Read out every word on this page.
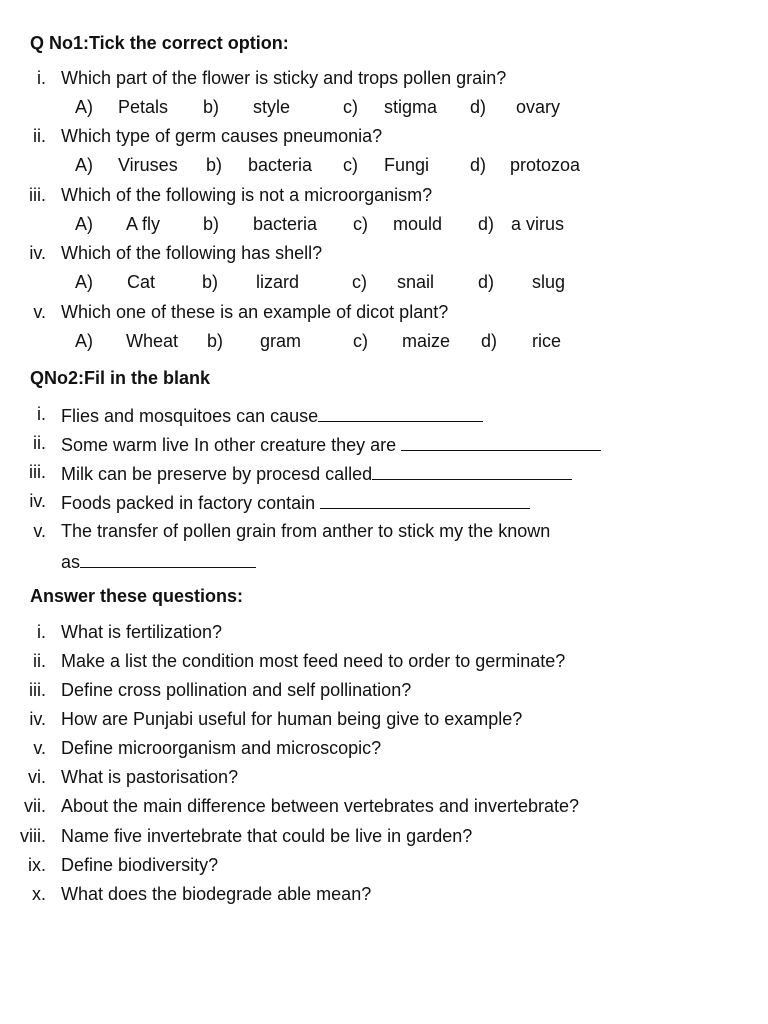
Q No1:Tick the correct option:
i. Which part of the flower is sticky and trops pollen grain?
A) Petals b) style	c) stigma d) ovary
ii. Which type of germ causes pneumonia?
A) Viruses b) bacteria c) Fungi d) protozoa
iii. Which of the following is not a microorganism?
A) A fly b) bacteria c) mould d) a virus
iv. Which of the following has shell?
A) Cat	b) lizard	c) snail d) slug
v. Which one of these is an example of dicot plant?
A) Wheat b) gram	c) maize d) rice
QNo2:Fil in the blank
i. Flies and mosquitoes can cause
ii. Some warm live In other creature they are
iii. Milk can be preserve by procesd called
iv. Foods packed in factory contain
v. The transfer of pollen grain from anther to stick my the known
as
Answer these questions:
i. What is fertilization?
ii. Make a list the condition most feed need to order to germinate?
iii. Define cross pollination and self pollination?
iv. How are Punjabi useful for human being give to example?
v. Define microorganism and microscopic?
vi. What is pastorisation?
vii. About the main difference between vertebrates and invertebrate?
viii. Name five invertebrate that could be live in garden?
ix. Define biodiversity?
x. What does the biodegrade able mean?
